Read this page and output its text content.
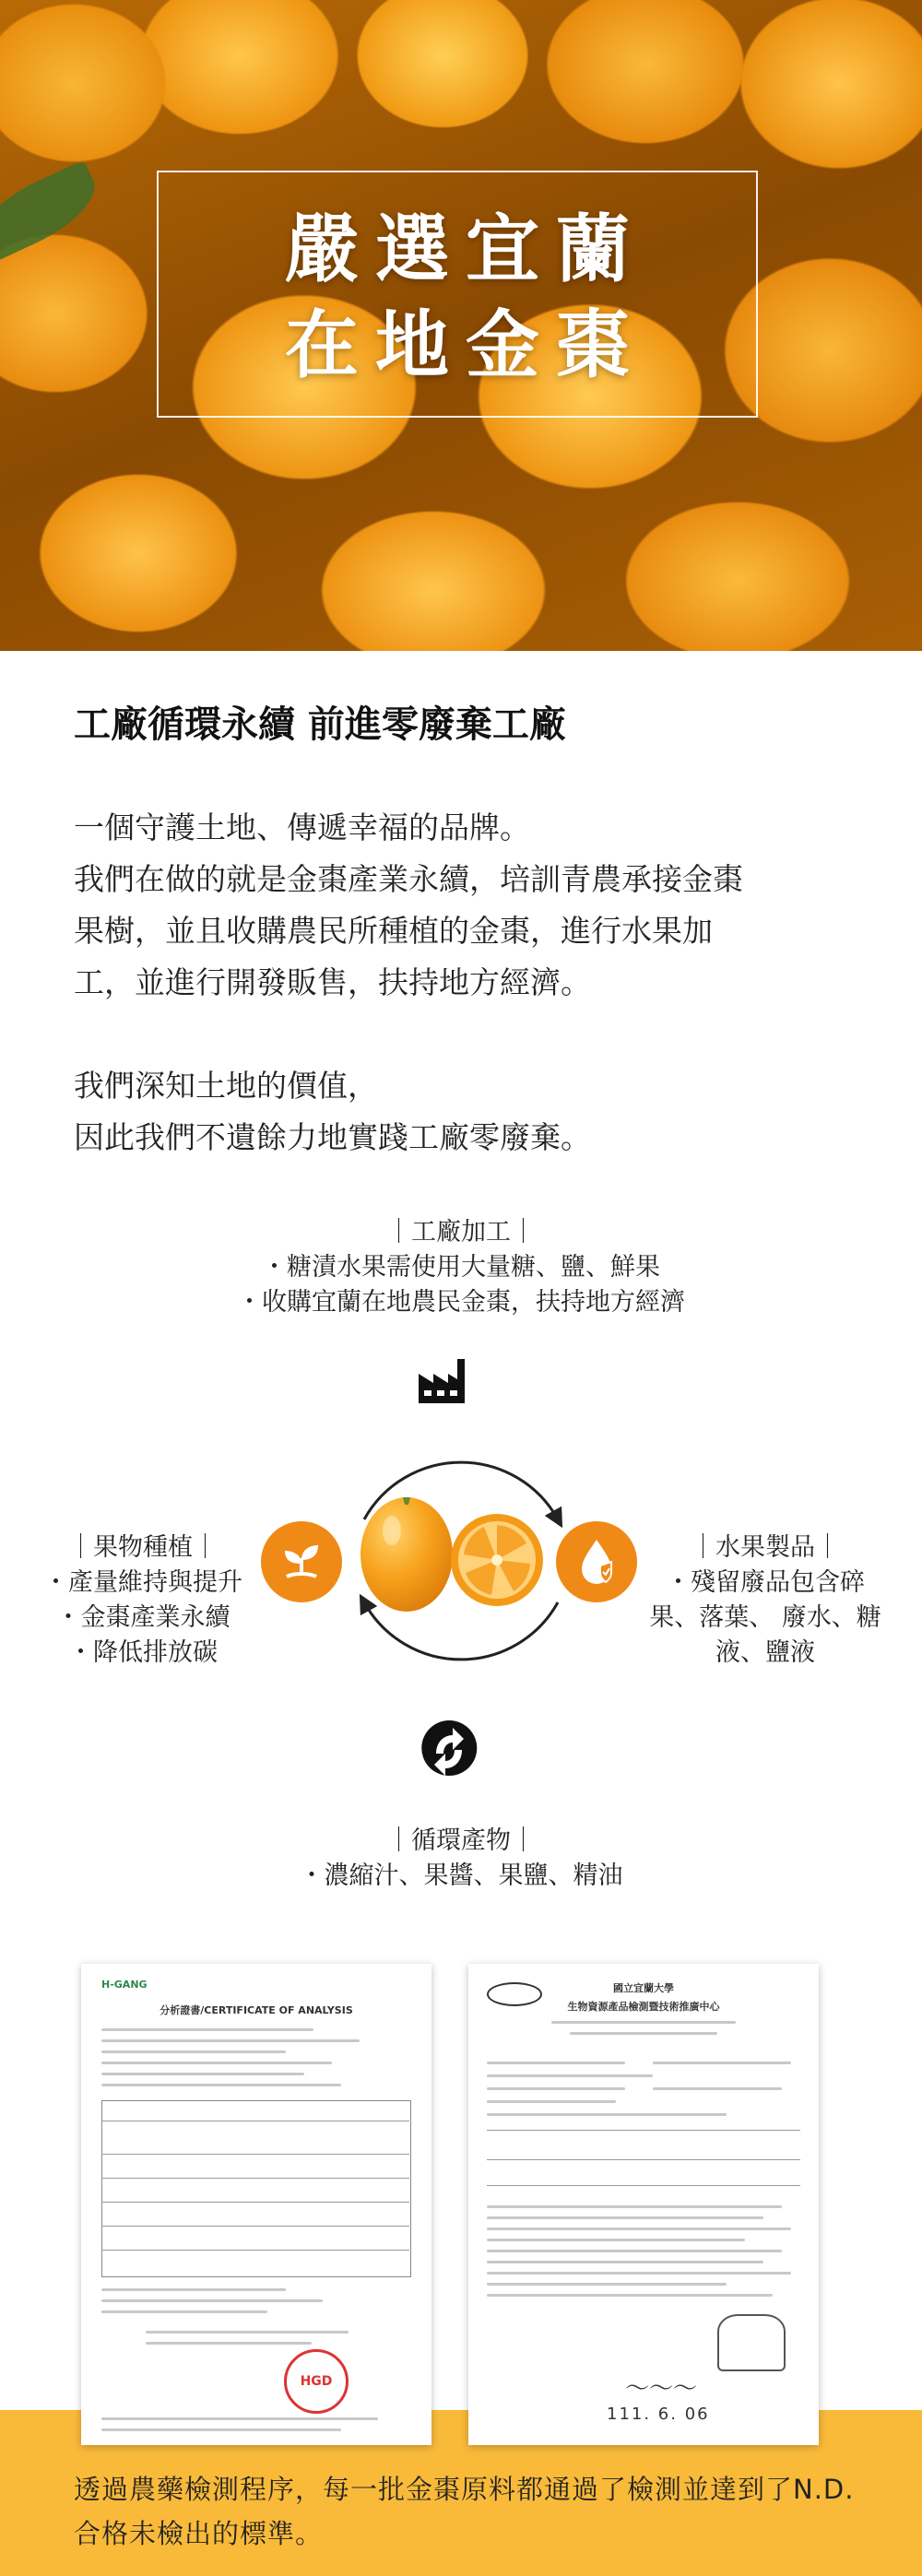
嚴選宜蘭
在地金棗
工廠循環永續 前進零廢棄工廠

一個守護土地、傳遞幸福的品牌。

我們在做的就是金棗產業永續，培訓青農承接金棗

果樹，並且收購農民所種植的金棗，進行水果加

工，並進行開發販售，扶持地方經濟。

我們深知土地的價值，

因此我們不遺餘力地實踐工廠零廢棄。

｜工廠加工｜
・糖漬水果需使用大量糖、鹽、鮮果
・收購宜蘭在地農民金棗，扶持地方經濟
｜果物種植｜
・產量維持與提升
・金棗產業永續
・降低排放碳
｜水果製品｜
・殘留廢品包含碎
果、落葉、 廢水、糖
液、鹽液
｜循環產物｜
・濃縮汁、果醬、果鹽、精油
H-GANG
分析證書/CERTIFICATE OF ANALYSIS
HGD
國立宜蘭大學
生物資源產品檢測暨技術推廣中心
〜〜〜
111. 6. 06
透過農藥檢測程序，每一批金棗原料都通過了檢測並達到了N.D.合格未檢出的標準。
